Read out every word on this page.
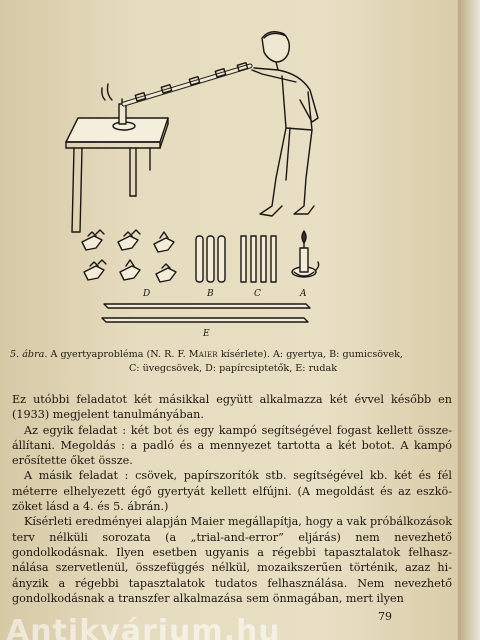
D	B	C	A
E
5. ábra. A gyertyaprobléma (N. R. F. Maier kísérlete). A: gyertya, B: gumicsövek,
C: üvegcsövek, D: papírcsiptetők, E: rudak

Ez utóbbi feladatot két másikkal együtt alkalmazza két évvel később en (1933) megjelent tanulmányában.

Az egyik feladat : két bot és egy kampó segítségével fogast kellett összeállítani. Megoldás : a padló és a mennyezet tartotta a két botot. A kampó erősítette őket össze.

A másik feladat : csövek, papírszorítók stb. segítségével kb. két és fél méterre elhelyezett égő gyertyát kellett elfújni. (A megoldást és az eszközöket lásd a 4. és 5. ábrán.)

Kísérleti eredményei alapján Maier megállapítja, hogy a vak próbálkozások terv nélküli sorozata (a „trial-and-error” eljárás) nem nevezhető gondolkodásnak. Ilyen esetben ugyanis a régebbi tapasztalatok felhasználása szervetlenül, összefüggés nélkül, mozaikszerűen történik, azaz hiányzik a régebbi tapasztalatok tudatos felhasználása. Nem nevezhető gondolkodásnak a transzfer alkalmazása sem önmagában, mert ilyen

79
Antikvárium.hu
